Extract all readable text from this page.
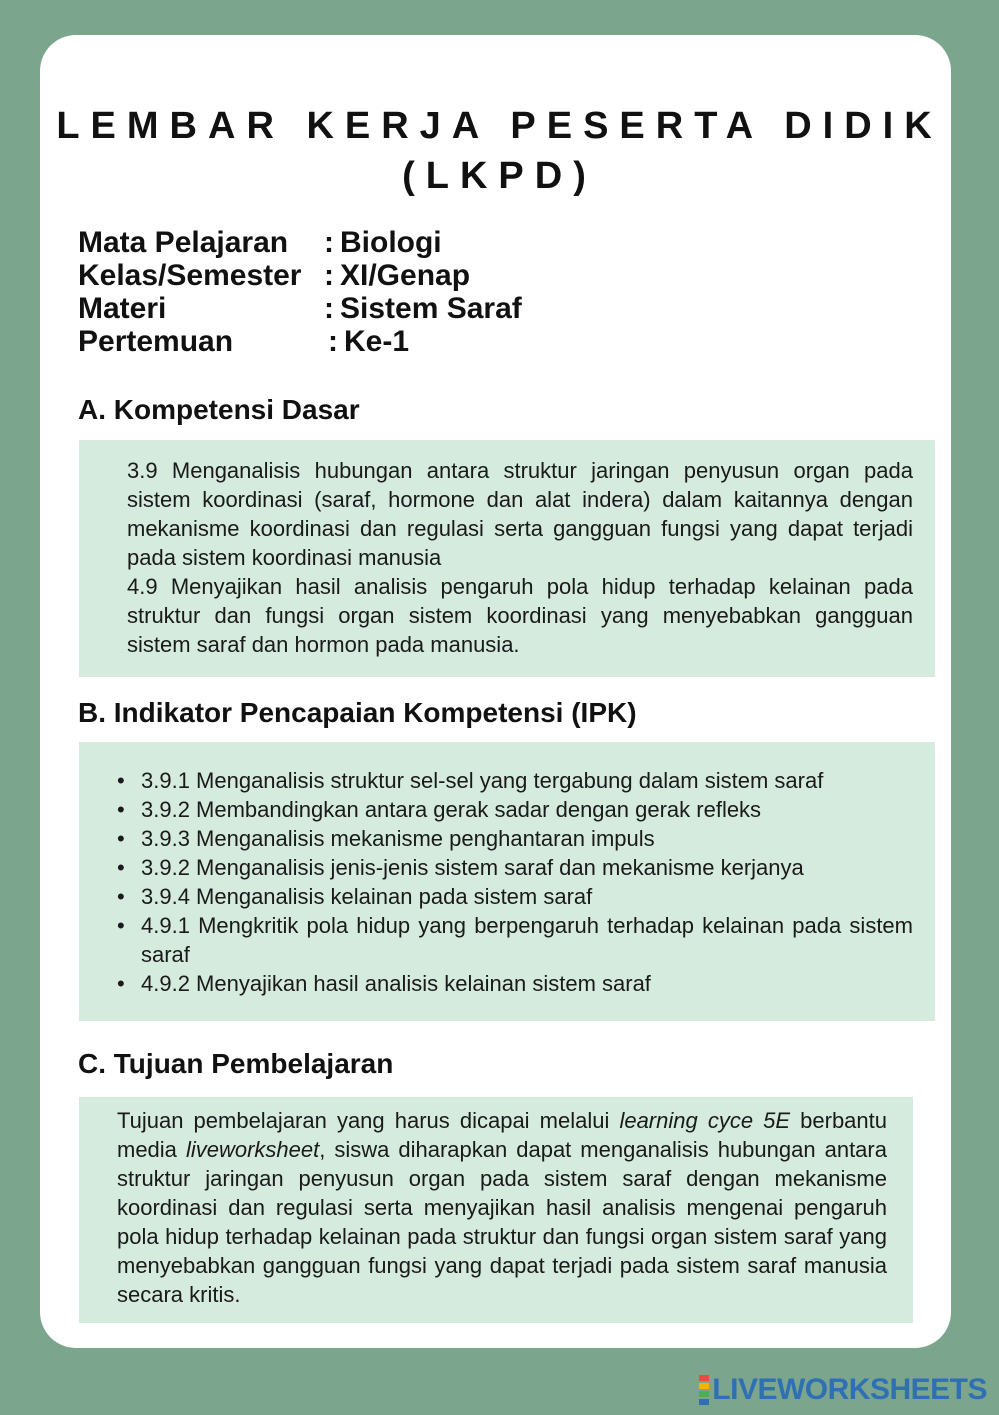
LEMBAR KERJA PESERTA DIDIK
(LKPD)
Mata Pelajaran	: Biologi
Kelas/Semester : XI/Genap
Materi	: Sistem Saraf
Pertemuan	: Ke-1
A. Kompetensi Dasar

3.9 Menganalisis hubungan antara struktur jaringan penyusun organ pada sistem koordinasi (saraf, hormone dan alat indera) dalam kaitannya dengan mekanisme koordinasi dan regulasi serta gangguan fungsi yang dapat terjadi pada sistem koordinasi manusia

4.9 Menyajikan hasil analisis pengaruh pola hidup terhadap kelainan pada struktur dan fungsi organ sistem koordinasi yang menyebabkan gangguan sistem saraf dan hormon pada manusia.

B. Indikator Pencapaian Kompetensi (IPK)
• 3.9.1 Menganalisis struktur sel-sel yang tergabung dalam sistem saraf
• 3.9.2 Membandingkan antara gerak sadar dengan gerak refleks
• 3.9.3 Menganalisis mekanisme penghantaran impuls
• 3.9.2 Menganalisis jenis-jenis sistem saraf dan mekanisme kerjanya
• 3.9.4 Menganalisis kelainan pada sistem saraf
• 4.9.1 Mengkritik pola hidup yang berpengaruh terhadap kelainan pada sistem saraf
• 4.9.2 Menyajikan hasil analisis kelainan sistem saraf
C. Tujuan Pembelajaran

Tujuan pembelajaran yang harus dicapai melalui learning cyce 5E berbantu media liveworksheet, siswa diharapkan dapat menganalisis hubungan antara struktur jaringan penyusun organ pada sistem saraf dengan mekanisme koordinasi dan regulasi serta menyajikan hasil analisis mengenai pengaruh pola hidup terhadap kelainan pada struktur dan fungsi organ sistem saraf yang menyebabkan gangguan fungsi yang dapat terjadi pada sistem saraf manusia secara kritis.

LIVEWORKSHEETS
